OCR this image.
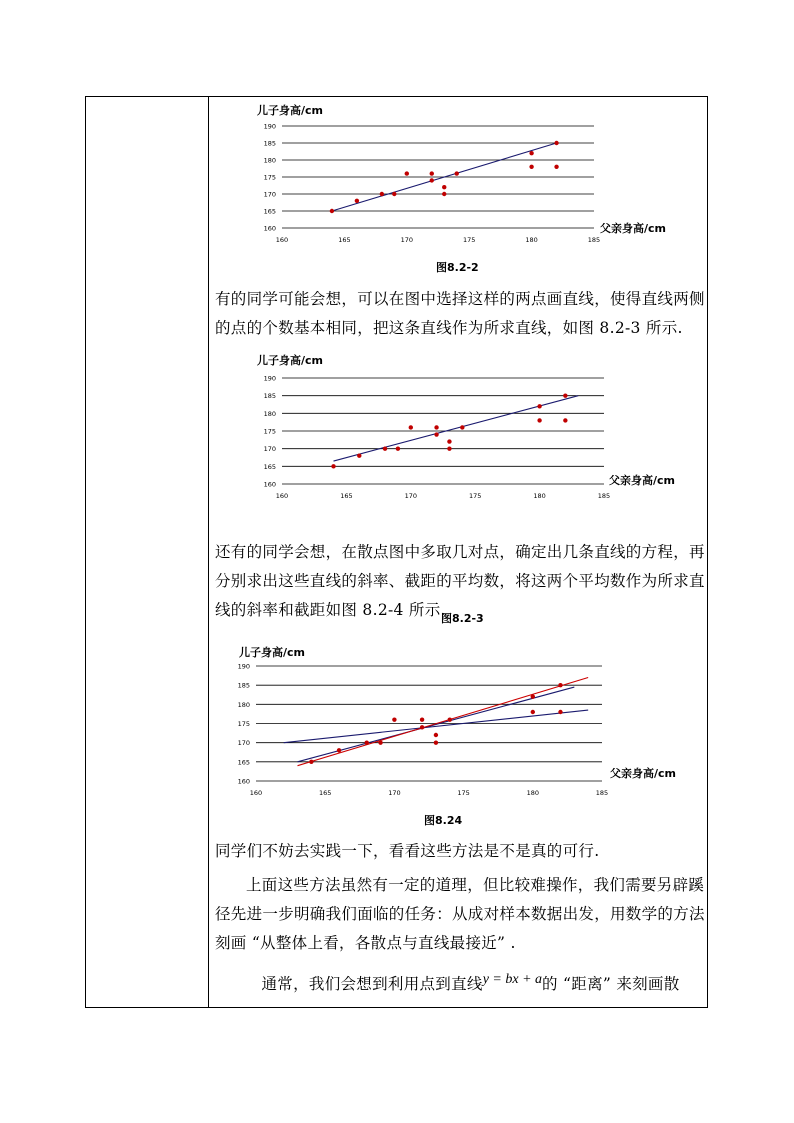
160
165
170
175
180
185
190
160	165	170	175	180	185
儿子身高/cm
父亲身高/cm
图8.2-2

有的同学可能会想，可以在图中选择这样的两点画直线，使得直线两侧的点的个数基本相同，把这条直线作为所求直线，如图 8.2-3 所示.

160
165
170
175
180
185
190
160	165	170	175	180	185
儿子身高/cm
父亲身高/cm
图8.2-3

还有的同学会想，在散点图中多取几对点，确定出几条直线的方程，再分别求出这些直线的斜率、截距的平均数，将这两个平均数作为所求直线的斜率和截距如图 8.2-4 所示.

160
165
170
175
180
185
190
160	165	170	175	180	185
儿子身高/cm
父亲身高/cm
图8.24

同学们不妨去实践一下，看看这些方法是不是真的可行.

上面这些方法虽然有一定的道理，但比较难操作，我们需要另辟蹊径先进一步明确我们面临的任务：从成对样本数据出发，用数学的方法刻画 “从整体上看，各散点与直线最接近” .

通常，我们会想到利用点到直线y = bx + a的 “距离” 来刻画散
